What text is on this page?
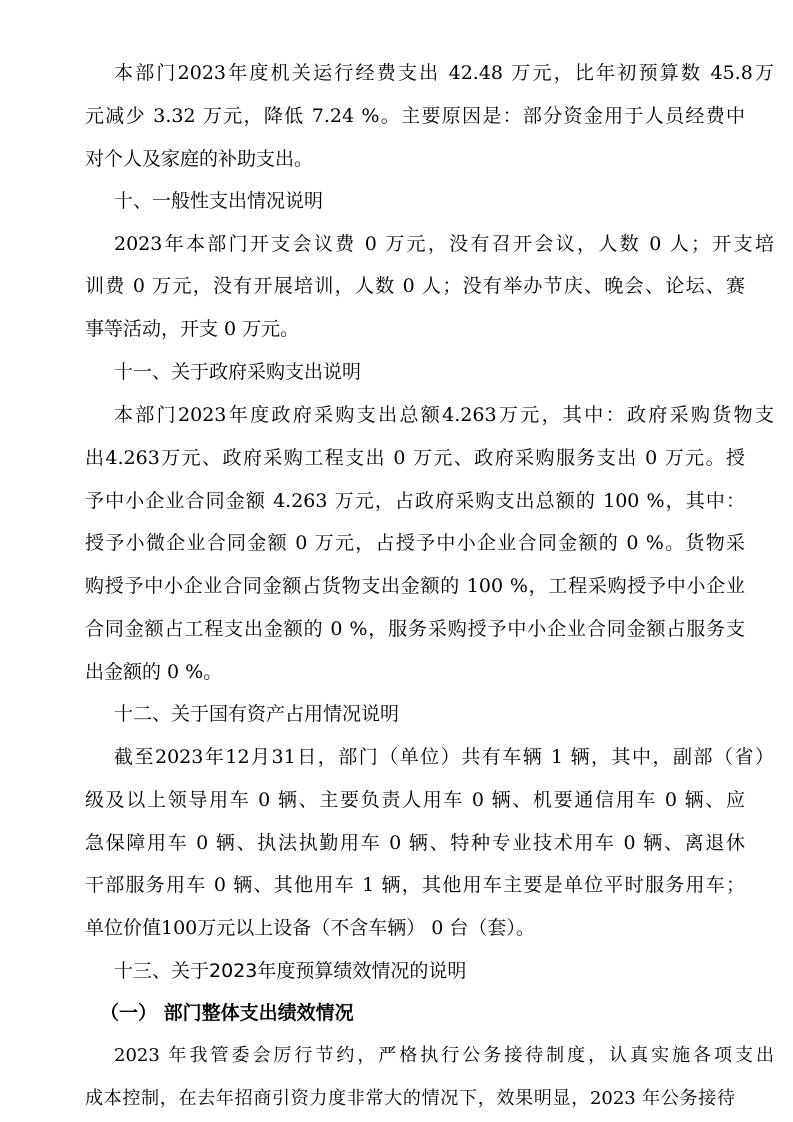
本部门2023年度机关运行经费支出 42.48 万元，比年初预算数 45.8万
元减少 3.32 万元，降低 7.24 %。主要原因是：部分资金用于人员经费中
对个人及家庭的补助支出。
十、一般性支出情况说明
2023年本部门开支会议费 0 万元，没有召开会议，人数 0 人；开支培
训费 0 万元，没有开展培训，人数 0 人；没有举办节庆、晚会、论坛、赛
事等活动，开支 0 万元。
十一、关于政府采购支出说明
本部门2023年度政府采购支出总额4.263万元，其中：政府采购货物支
出4.263万元、政府采购工程支出 0 万元、政府采购服务支出 0 万元。授
予中小企业合同金额 4.263 万元，占政府采购支出总额的 100 %，其中：
授予小微企业合同金额 0 万元，占授予中小企业合同金额的 0 %。货物采
购授予中小企业合同金额占货物支出金额的 100 %，工程采购授予中小企业
合同金额占工程支出金额的 0 %，服务采购授予中小企业合同金额占服务支
出金额的 0 %。
十二、关于国有资产占用情况说明
截至2023年12月31日，部门（单位）共有车辆 1 辆，其中，副部（省）
级及以上领导用车 0 辆、主要负责人用车 0 辆、机要通信用车 0 辆、应
急保障用车 0 辆、执法执勤用车 0 辆、特种专业技术用车 0 辆、离退休
干部服务用车 0 辆、其他用车 1 辆，其他用车主要是单位平时服务用车；
单位价值100万元以上设备（不含车辆） 0 台（套）。
十三、关于2023年度预算绩效情况的说明
（一） 部门整体支出绩效情况
2023 年我管委会厉行节约，严格执行公务接待制度，认真实施各项支出
成本控制，在去年招商引资力度非常大的情况下，效果明显，2023 年公务接待
